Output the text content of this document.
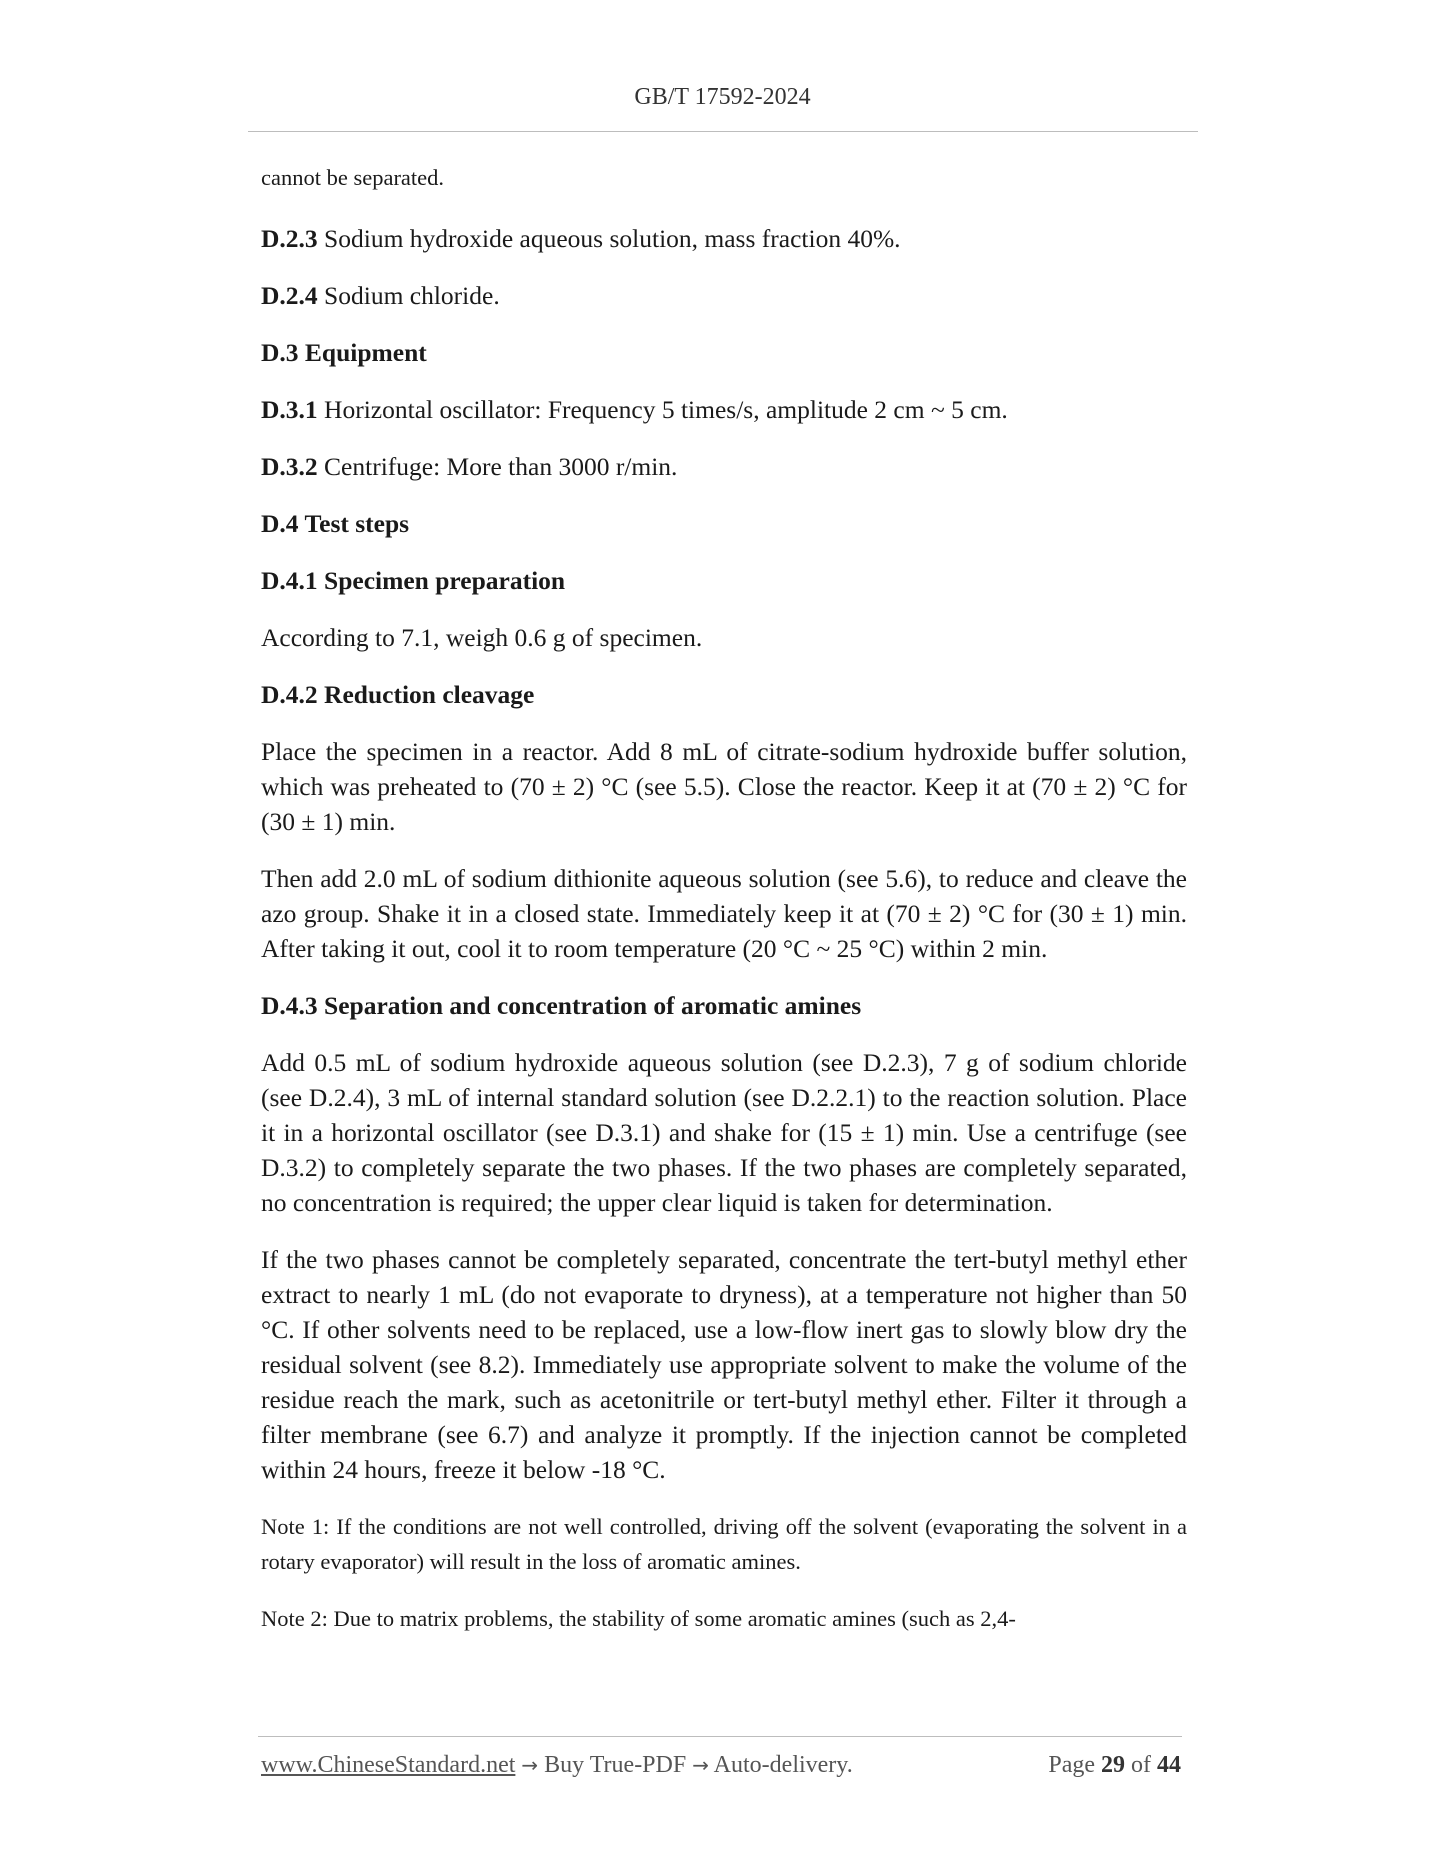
GB/T 17592-2024

cannot be separated.

D.2.3 Sodium hydroxide aqueous solution, mass fraction 40%.

D.2.4 Sodium chloride.

D.3 Equipment

D.3.1 Horizontal oscillator: Frequency 5 times/s, amplitude 2 cm ~ 5 cm.

D.3.2 Centrifuge: More than 3000 r/min.

D.4 Test steps

D.4.1 Specimen preparation

According to 7.1, weigh 0.6 g of specimen.

D.4.2 Reduction cleavage

Place the specimen in a reactor. Add 8 mL of citrate-sodium hydroxide buffer solution, which was preheated to (70 ± 2) °C (see 5.5). Close the reactor. Keep it at (70 ± 2) °C for (30 ± 1) min.

Then add 2.0 mL of sodium dithionite aqueous solution (see 5.6), to reduce and cleave the azo group. Shake it in a closed state. Immediately keep it at (70 ± 2) °C for (30 ± 1) min. After taking it out, cool it to room temperature (20 °C ~ 25 °C) within 2 min.

D.4.3 Separation and concentration of aromatic amines

Add 0.5 mL of sodium hydroxide aqueous solution (see D.2.3), 7 g of sodium chloride (see D.2.4), 3 mL of internal standard solution (see D.2.2.1) to the reaction solution. Place it in a horizontal oscillator (see D.3.1) and shake for (15 ± 1) min. Use a centrifuge (see D.3.2) to completely separate the two phases. If the two phases are completely separated, no concentration is required; the upper clear liquid is taken for determination.

If the two phases cannot be completely separated, concentrate the tert-butyl methyl ether extract to nearly 1 mL (do not evaporate to dryness), at a temperature not higher than 50 °C. If other solvents need to be replaced, use a low-flow inert gas to slowly blow dry the residual solvent (see 8.2). Immediately use appropriate solvent to make the volume of the residue reach the mark, such as acetonitrile or tert-butyl methyl ether. Filter it through a filter membrane (see 6.7) and analyze it promptly. If the injection cannot be completed within 24 hours, freeze it below -18 °C.

Note 1: If the conditions are not well controlled, driving off the solvent (evaporating the solvent in a rotary evaporator) will result in the loss of aromatic amines.

Note 2: Due to matrix problems, the stability of some aromatic amines (such as 2,4-

www.ChineseStandard.net → Buy True-PDF → Auto-delivery.	Page 29 of 44
